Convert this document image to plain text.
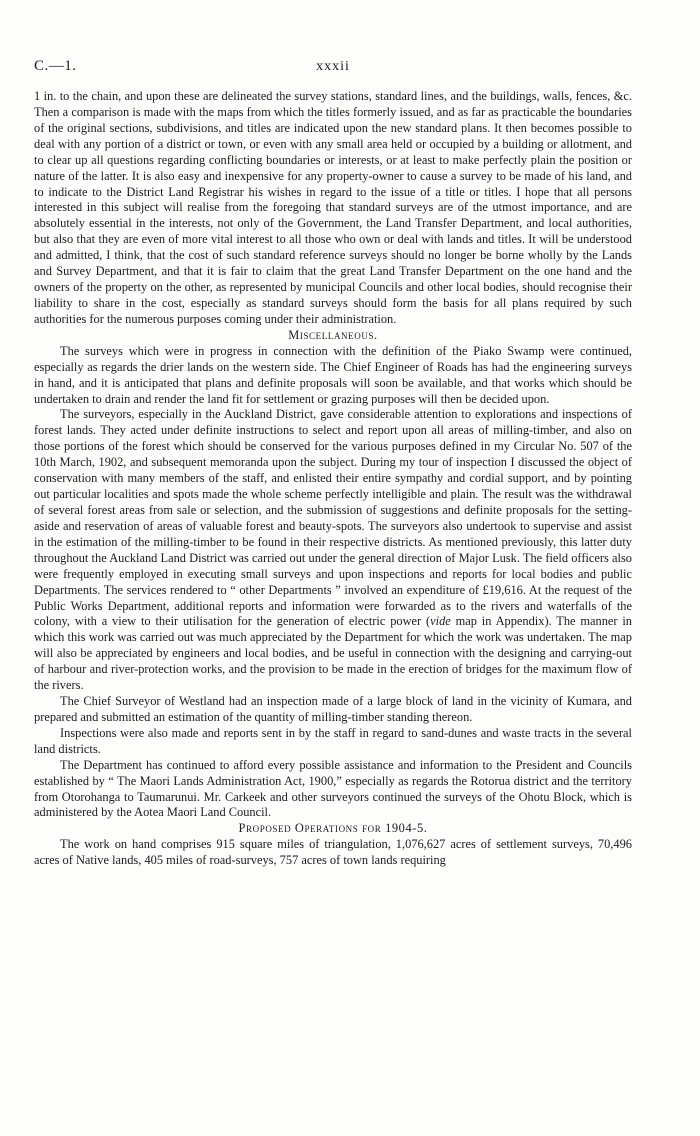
C.—1.	xxxii

1 in. to the chain, and upon these are delineated the survey stations, standard lines, and the buildings, walls, fences, &c. Then a comparison is made with the maps from which the titles formerly issued, and as far as practicable the boundaries of the original sections, subdivisions, and titles are indicated upon the new standard plans. It then becomes possible to deal with any portion of a district or town, or even with any small area held or occupied by a building or allotment, and to clear up all questions regarding conflicting boundaries or interests, or at least to make perfectly plain the position or nature of the latter. It is also easy and inexpensive for any property-owner to cause a survey to be made of his land, and to indicate to the District Land Registrar his wishes in regard to the issue of a title or titles. I hope that all persons interested in this subject will realise from the foregoing that standard surveys are of the utmost importance, and are absolutely essential in the interests, not only of the Government, the Land Transfer Department, and local authorities, but also that they are even of more vital interest to all those who own or deal with lands and titles. It will be understood and admitted, I think, that the cost of such standard reference surveys should no longer be borne wholly by the Lands and Survey Department, and that it is fair to claim that the great Land Transfer Department on the one hand and the owners of the property on the other, as represented by municipal Councils and other local bodies, should recognise their liability to share in the cost, especially as standard surveys should form the basis for all plans required by such authorities for the numerous purposes coming under their administration.

Miscellaneous.

The surveys which were in progress in connection with the definition of the Piako Swamp were continued, especially as regards the drier lands on the western side. The Chief Engineer of Roads has had the engineering surveys in hand, and it is anticipated that plans and definite proposals will soon be available, and that works which should be undertaken to drain and render the land fit for settlement or grazing purposes will then be decided upon.

The surveyors, especially in the Auckland District, gave considerable attention to explorations and inspections of forest lands. They acted under definite instructions to select and report upon all areas of milling-timber, and also on those portions of the forest which should be conserved for the various purposes defined in my Circular No. 507 of the 10th March, 1902, and subsequent memoranda upon the subject. During my tour of inspection I discussed the object of conservation with many members of the staff, and enlisted their entire sympathy and cordial support, and by pointing out particular localities and spots made the whole scheme perfectly intelligible and plain. The result was the withdrawal of several forest areas from sale or selection, and the submission of suggestions and definite proposals for the setting-aside and reservation of areas of valuable forest and beauty-spots. The surveyors also undertook to supervise and assist in the estimation of the milling-timber to be found in their respective districts. As mentioned previously, this latter duty throughout the Auckland Land District was carried out under the general direction of Major Lusk. The field officers also were frequently employed in executing small surveys and upon inspections and reports for local bodies and public Departments. The services rendered to “ other Departments ” involved an expenditure of £19,616. At the request of the Public Works Department, additional reports and information were forwarded as to the rivers and waterfalls of the colony, with a view to their utilisation for the generation of electric power (vide map in Appendix). The manner in which this work was carried out was much appreciated by the Department for which the work was undertaken. The map will also be appreciated by engineers and local bodies, and be useful in connection with the designing and carrying-out of harbour and river-protection works, and the provision to be made in the erection of bridges for the maximum flow of the rivers.

The Chief Surveyor of Westland had an inspection made of a large block of land in the vicinity of Kumara, and prepared and submitted an estimation of the quantity of milling-timber standing thereon.

Inspections were also made and reports sent in by the staff in regard to sand-dunes and waste tracts in the several land districts.

The Department has continued to afford every possible assistance and information to the President and Councils established by “ The Maori Lands Administration Act, 1900,” especially as regards the Rotorua district and the territory from Otorohanga to Taumarunui. Mr. Carkeek and other surveyors continued the surveys of the Ohotu Block, which is administered by the Aotea Maori Land Council.

Proposed Operations for 1904-5.

The work on hand comprises 915 square miles of triangulation, 1,076,627 acres of settlement surveys, 70,496 acres of Native lands, 405 miles of road-surveys, 757 acres of town lands requiring
